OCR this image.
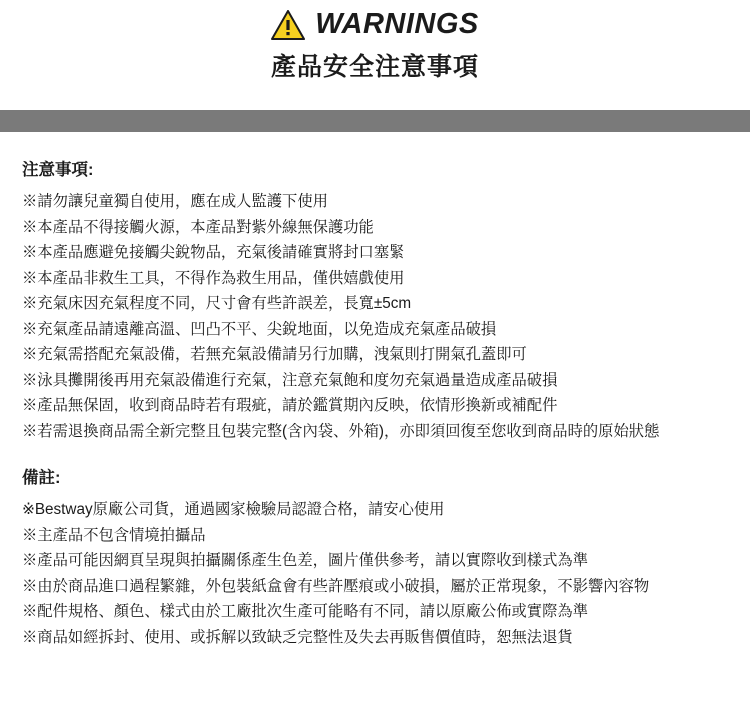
WARNINGS
產品安全注意事項
注意事項:
※請勿讓兒童獨自使用，應在成人監護下使用
※本產品不得接觸火源，本產品對紫外線無保護功能
※本產品應避免接觸尖銳物品，充氣後請確實將封口塞緊
※本產品非救生工具，不得作為救生用品，僅供嬉戲使用
※充氣床因充氣程度不同，尺寸會有些許誤差，長寬±5cm
※充氣產品請遠離高溫、凹凸不平、尖銳地面，以免造成充氣產品破損
※充氣需搭配充氣設備，若無充氣設備請另行加購，洩氣則打開氣孔蓋即可
※泳具攤開後再用充氣設備進行充氣，注意充氣飽和度勿充氣過量造成產品破損
※產品無保固，收到商品時若有瑕疵，請於鑑賞期內反映，依情形換新或補配件
※若需退換商品需全新完整且包裝完整(含內袋、外箱)，亦即須回復至您收到商品時的原始狀態
備註:
※Bestway原廠公司貨，通過國家檢驗局認證合格，請安心使用
※主產品不包含情境拍攝品
※產品可能因網頁呈現與拍攝關係產生色差，圖片僅供參考，請以實際收到樣式為準
※由於商品進口過程繁雜，外包裝紙盒會有些許壓痕或小破損，屬於正常現象，不影響內容物
※配件規格、顏色、樣式由於工廠批次生產可能略有不同，請以原廠公佈或實際為準
※商品如經拆封、使用、或拆解以致缺乏完整性及失去再販售價值時，恕無法退貨
